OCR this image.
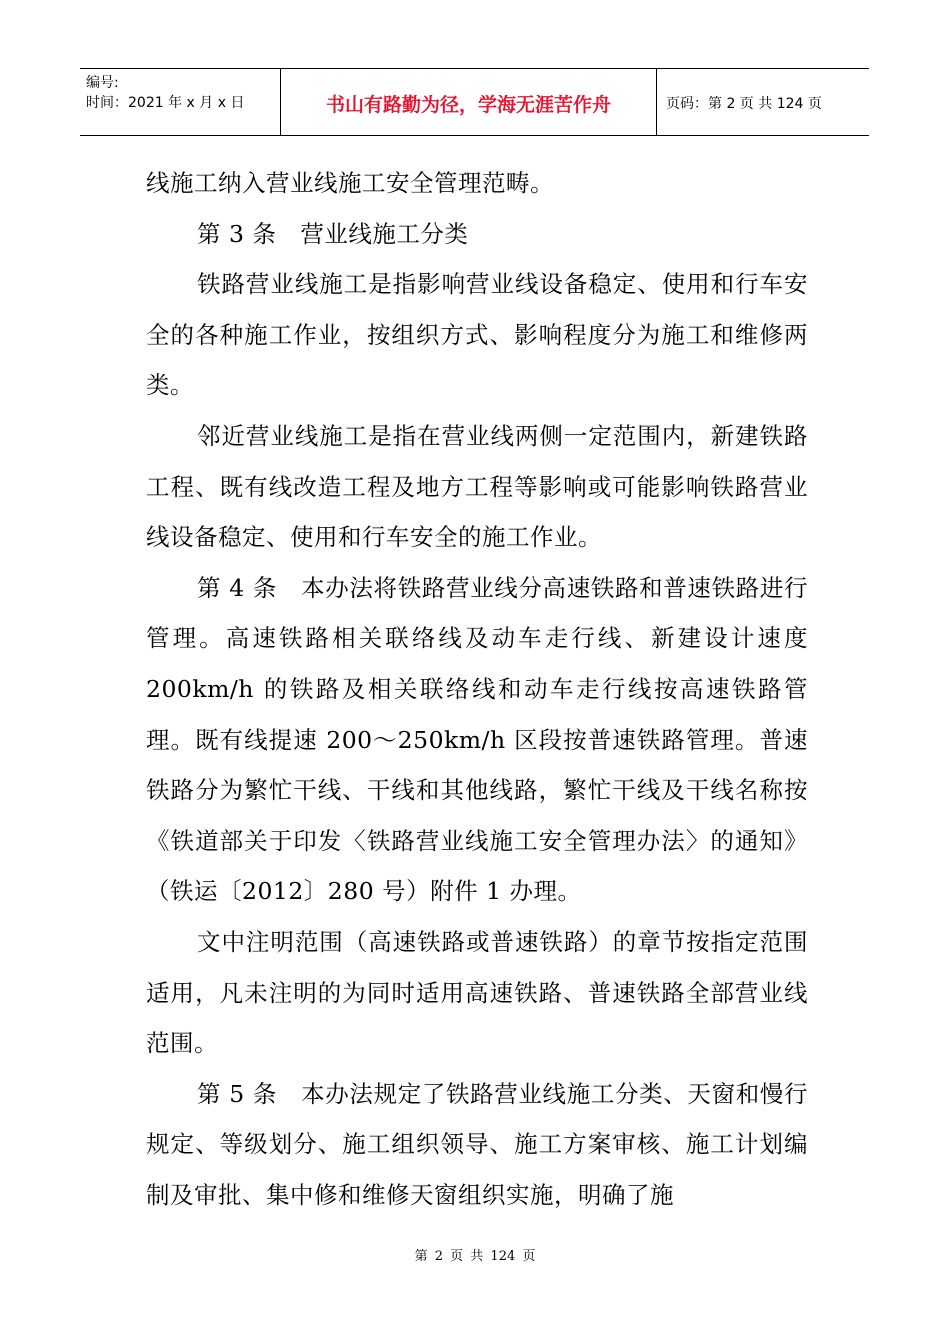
编号:
时间：2021 年 x 月 x 日	书山有路勤为径，学海无涯苦作舟	页码：第 2 页 共 124 页

线施工纳入营业线施工安全管理范畴。

第 3 条　营业线施工分类

铁路营业线施工是指影响营业线设备稳定、使用和行车安全的各种施工作业，按组织方式、影响程度分为施工和维修两类。

邻近营业线施工是指在营业线两侧一定范围内，新建铁路工程、既有线改造工程及地方工程等影响或可能影响铁路营业线设备稳定、使用和行车安全的施工作业。

第 4 条　本办法将铁路营业线分高速铁路和普速铁路进行管理。高速铁路相关联络线及动车走行线、新建设计速度 200km/h 的铁路及相关联络线和动车走行线按高速铁路管理。既有线提速 200～250km/h 区段按普速铁路管理。普速铁路分为繁忙干线、干线和其他线路，繁忙干线及干线名称按《铁道部关于印发〈铁路营业线施工安全管理办法〉的通知》（铁运〔2012〕280 号）附件 1 办理。

文中注明范围（高速铁路或普速铁路）的章节按指定范围适用，凡未注明的为同时适用高速铁路、普速铁路全部营业线范围。

第 5 条　本办法规定了铁路营业线施工分类、天窗和慢行规定、等级划分、施工组织领导、施工方案审核、施工计划编制及审批、集中修和维修天窗组织实施，明确了施

第 2 页 共 124 页
